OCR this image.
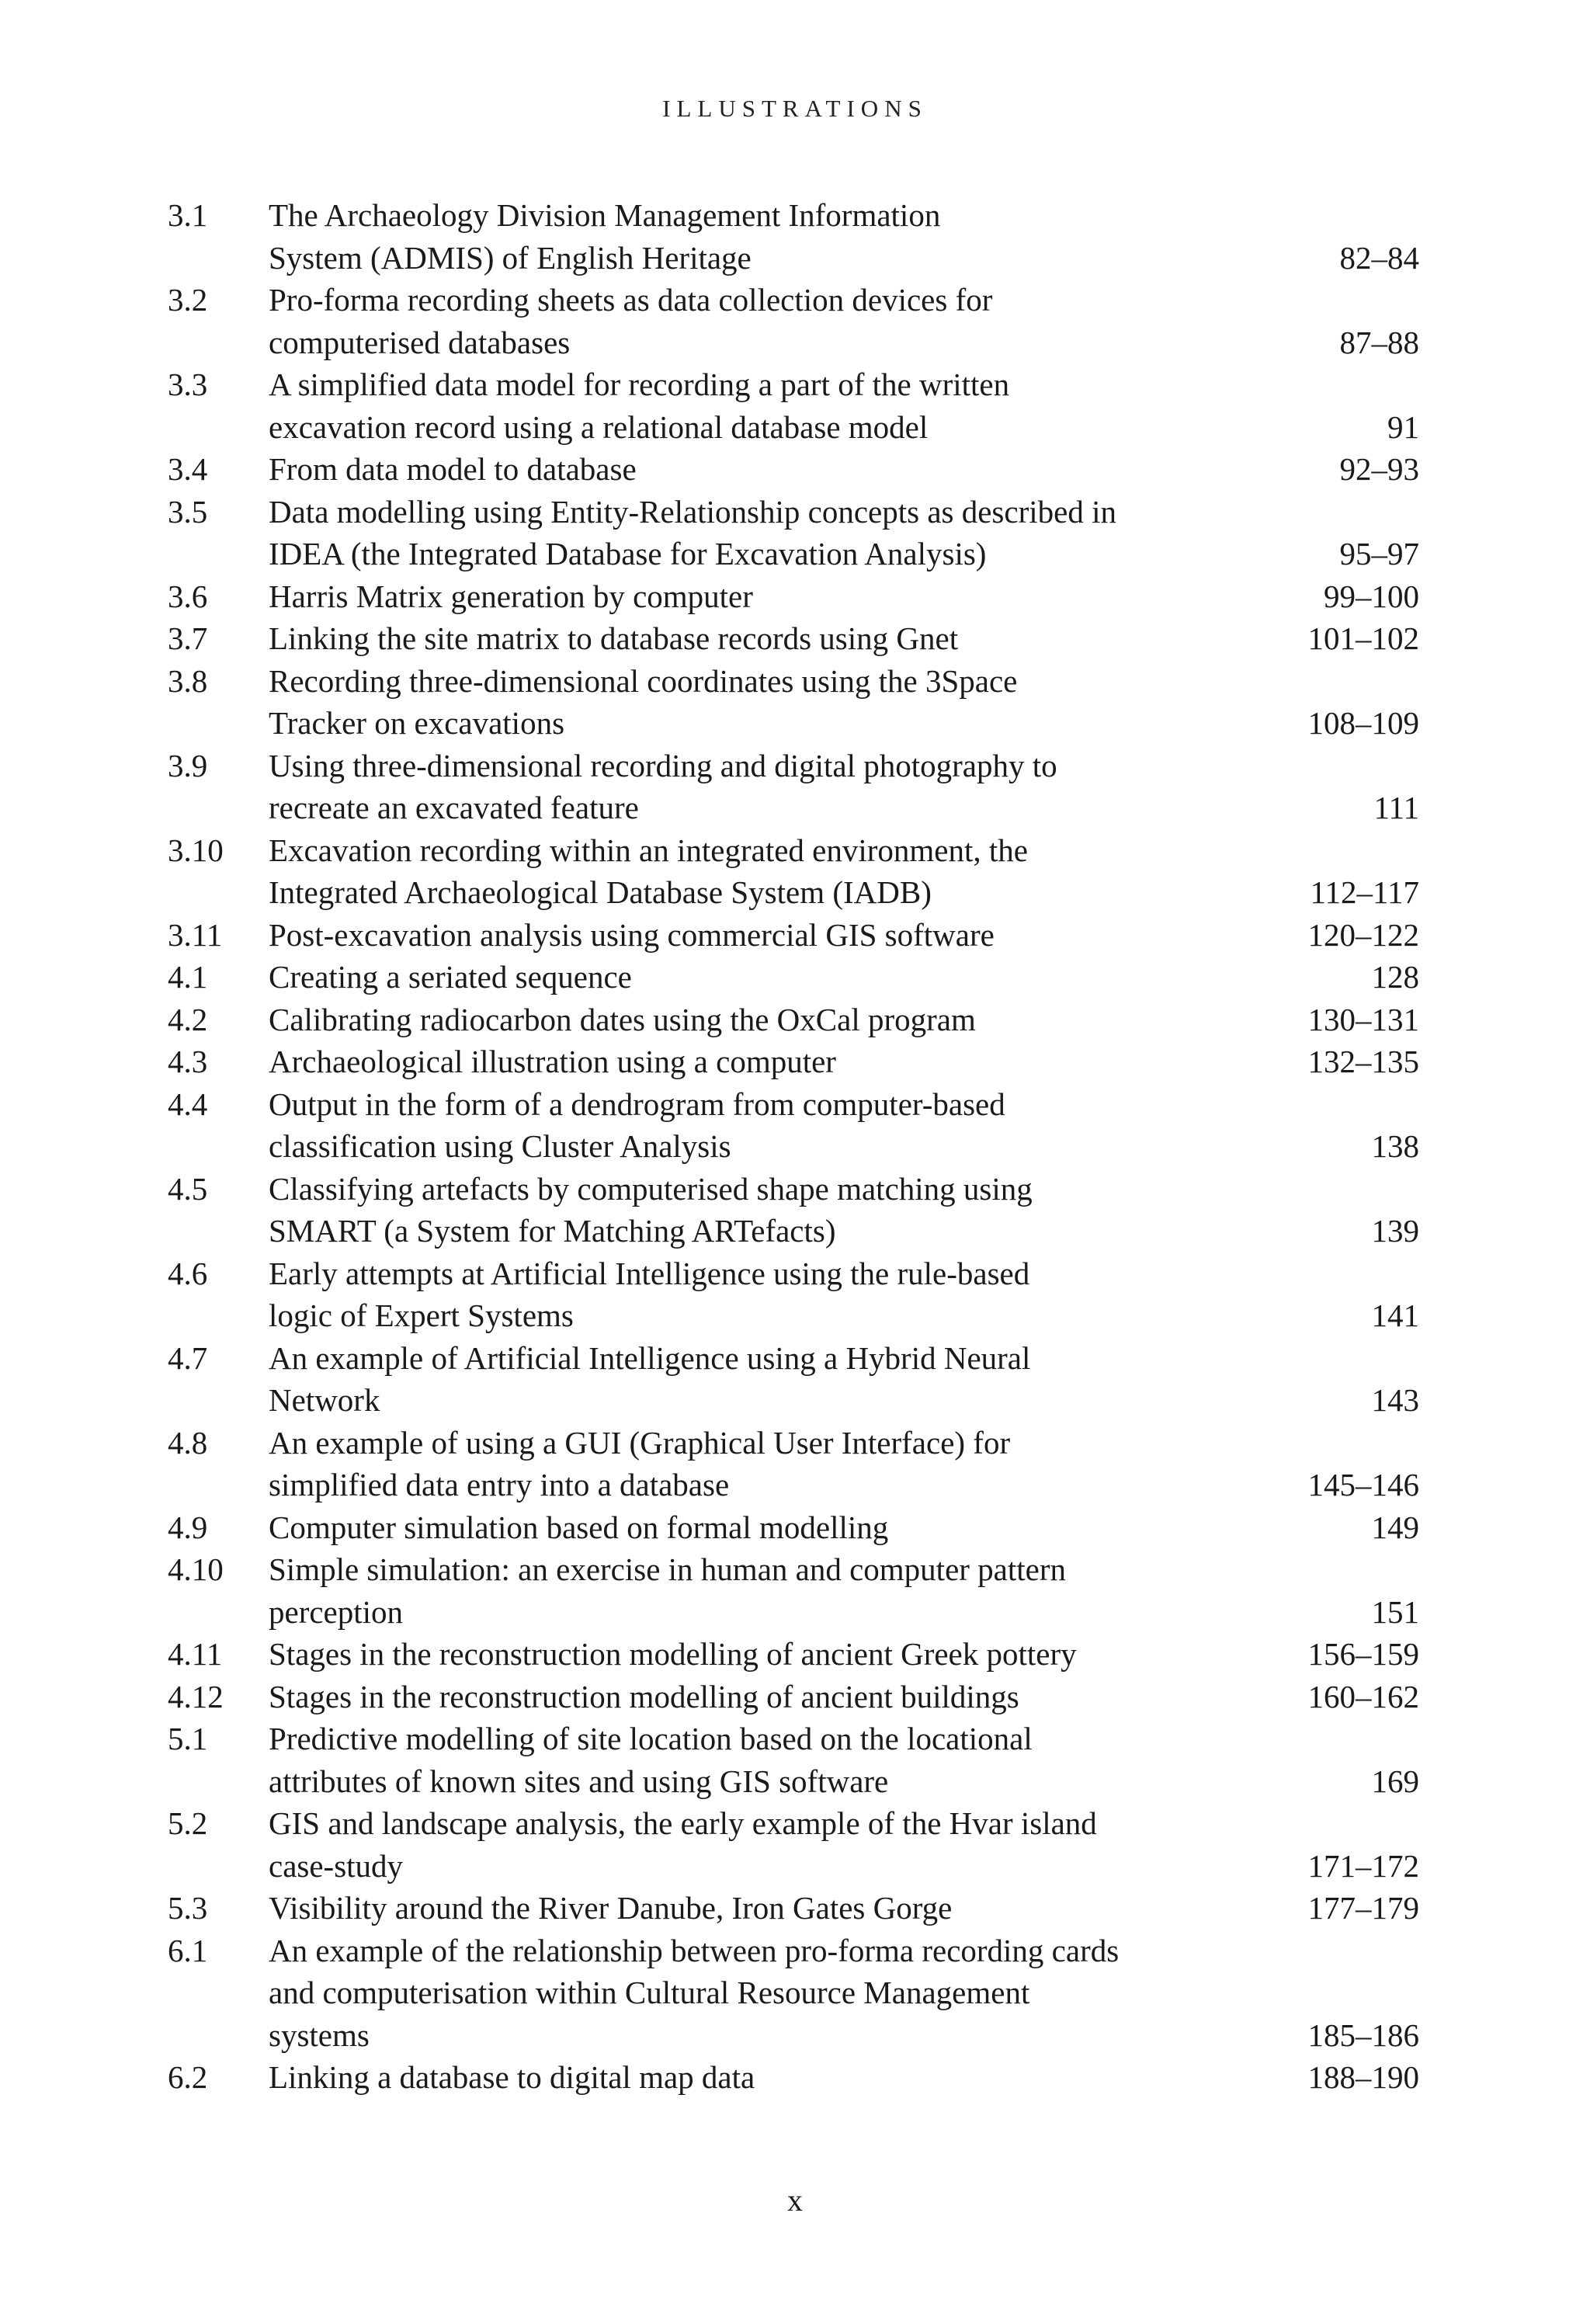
ILLUSTRATIONS
3.1	The Archaeology Division Management Information
System (ADMIS) of English Heritage	82–84
3.2	Pro-forma recording sheets as data collection devices for
computerised databases	87–88
3.3	A simplified data model for recording a part of the written
excavation record using a relational database model	91
3.4	From data model to database	92–93
3.5	Data modelling using Entity-Relationship concepts as described in
IDEA (the Integrated Database for Excavation Analysis)	95–97
3.6	Harris Matrix generation by computer	99–100
3.7	Linking the site matrix to database records using Gnet	101–102
3.8	Recording three-dimensional coordinates using the 3Space
Tracker on excavations	108–109
3.9	Using three-dimensional recording and digital photography to
recreate an excavated feature	111
3.10	Excavation recording within an integrated environment, the
Integrated Archaeological Database System (IADB)	112–117
3.11	Post-excavation analysis using commercial GIS software	120–122
4.1	Creating a seriated sequence	128
4.2	Calibrating radiocarbon dates using the OxCal program	130–131
4.3	Archaeological illustration using a computer	132–135
4.4	Output in the form of a dendrogram from computer-based
classification using Cluster Analysis	138
4.5	Classifying artefacts by computerised shape matching using
SMART (a System for Matching ARTefacts)	139
4.6	Early attempts at Artificial Intelligence using the rule-based
logic of Expert Systems	141
4.7	An example of Artificial Intelligence using a Hybrid Neural
Network	143
4.8	An example of using a GUI (Graphical User Interface) for
simplified data entry into a database	145–146
4.9	Computer simulation based on formal modelling	149
4.10	Simple simulation: an exercise in human and computer pattern
perception	151
4.11	Stages in the reconstruction modelling of ancient Greek pottery	156–159
4.12	Stages in the reconstruction modelling of ancient buildings	160–162
5.1	Predictive modelling of site location based on the locational
attributes of known sites and using GIS software	169
5.2	GIS and landscape analysis, the early example of the Hvar island
case-study	171–172
5.3	Visibility around the River Danube, Iron Gates Gorge	177–179
6.1	An example of the relationship between pro-forma recording cards
and computerisation within Cultural Resource Management
systems	185–186
6.2	Linking a database to digital map data	188–190
x
